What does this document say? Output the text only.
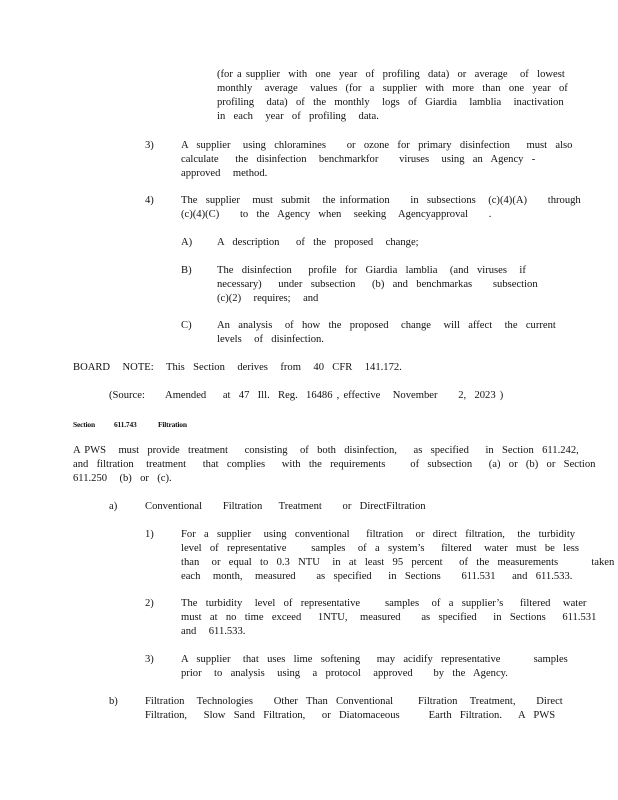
(for a supplier  with  one  year  of  profiling  data)  or  average   of  lowest
monthly   average   values  (for  a  supplier  with  more  than  one  year  of
profiling   data)  of  the  monthly   logs  of  Giardia   lamblia   inactivation
in  each   year  of  profiling   data.
3)	A  supplier   using  chloramines     or  ozone  for  primary  disinfection    must  also
calculate    the  disinfection   benchmarkfor     viruses   using  an  Agency  -
approved   method.
4)	The  supplier   must  submit   the information     in  subsections   (c)(4)(A)     through
(c)(4)(C)     to  the  Agency  when   seeking   Agencyapproval     .
A) A  description    of  the  proposed   change;
B) The  disinfection    profile  for  Giardia  lamblia   (and  viruses   if
necessary)    under  subsection    (b)  and  benchmarkas     subsection
(c)(2)   requires;   and
C) An  analysis   of  how  the  proposed   change   will  affect   the  current
levels   of  disinfection.
BOARD   NOTE:   This  Section   derives   from   40  CFR   141.172.
(Source:     Amended    at  47  Ill.  Reg.  16486 , effective   November     2,  2023 )
Section	611.743	Filtration
A PWS   must  provide  treatment    consisting   of  both  disinfection,    as  specified    in  Section  611.242,
and  filtration   treatment    that  complies    with  the  requirements      of  subsection    (a)  or  (b)  or  Section
611.250   (b)  or  (c).
a)	Conventional     Filtration    Treatment     or  DirectFiltration
1)	For  a  supplier   using  conventional    filtration   or  direct  filtration,   the  turbidity
level  of  representative      samples   of  a  system’s    filtered   water  must  be  less
than   or  equal  to  0.3  NTU   in  at  least  95  percent    of  the  measurements        taken
each   month,   measured     as  specified    in  Sections     611.531    and  611.533.
2)	The  turbidity   level  of  representative      samples   of  a  supplier’s    filtered   water
must  at  no  time  exceed    1NTU,   measured     as  specified    in  Sections    611.531
and   611.533.
3)	A  supplier   that  uses  lime  softening    may  acidify  representative        samples
prior   to  analysis   using   a  protocol   approved     by  the  Agency.
b)	Filtration   Technologies     Other  Than  Conventional      Filtration   Treatment,     Direct
Filtration,    Slow  Sand  Filtration,    or  Diatomaceous       Earth  Filtration.    A  PWS
